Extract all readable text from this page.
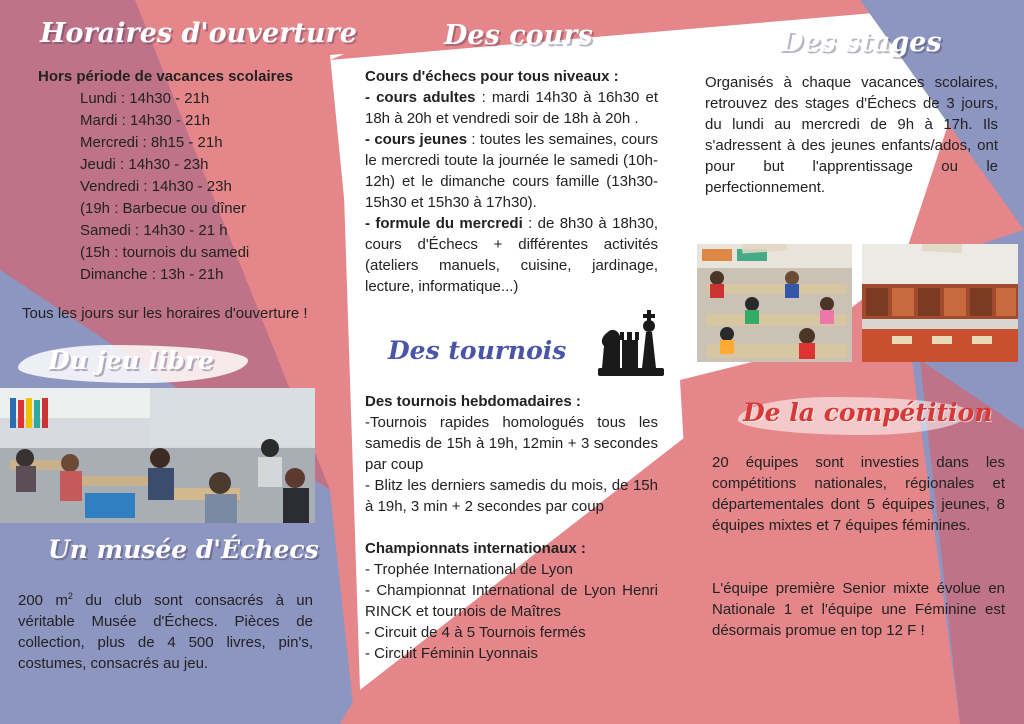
Horaires d'ouverture
Hors période de vacances scolaires
Lundi : 14h30 - 21h
Mardi : 14h30 - 21h
Mercredi : 8h15 - 21h
Jeudi : 14h30 - 23h
Vendredi : 14h30 - 23h
(19h : Barbecue ou dîner
Samedi : 14h30 - 21 h
(15h : tournois du samedi
Dimanche : 13h - 21h
Tous les jours sur les horaires d'ouverture !
Du jeu libre
Un musée d'Échecs
200 $m^2$ du club sont consacrés à un véritable Musée d'Échecs. Pièces de collection, plus de 4 500 livres, pin's, costumes, consacrés au jeu.
Des cours
Cours d'échecs pour tous niveaux :
- cours adultes : mardi 14h30 à 16h30 et 18h à 20h et vendredi soir de 18h à 20h .
- cours jeunes : toutes les semaines, cours le mercredi toute la journée le samedi (10h-12h) et le dimanche cours famille (13h30-15h30 et 15h30 à 17h30).
- formule du mercredi : de 8h30 à 18h30, cours d'Échecs + différentes activités (ateliers manuels, cuisine, jardinage, lecture, informatique...)
Des tournois
Des tournois hebdomadaires :
-Tournois rapides homologués tous les samedis de 15h à 19h, 12min + 3 secondes par coup
- Blitz les derniers samedis du mois, de 15h à 19h, 3 min + 2 secondes par coup
Championnats internationaux :
- Trophée International de Lyon
- Championnat International de Lyon Henri RINCK et tournois de Maîtres
- Circuit de 4 à 5 Tournois fermés
- Circuit Féminin Lyonnais
Des stages
Organisés à chaque vacances scolaires, retrouvez des stages d'Échecs de 3 jours, du lundi au mercredi de 9h à 17h. Ils s'adressent à des jeunes enfants/ados, ont pour but l'apprentissage ou le perfectionnement.
De la compétition
20 équipes sont investies dans les compétitions nationales, régionales et départementales dont 5 équipes jeunes, 8 équipes mixtes et 7 équipes féminines.
L'équipe première Senior mixte évolue en Nationale 1 et l'équipe une Féminine est désormais promue en top 12 F !
